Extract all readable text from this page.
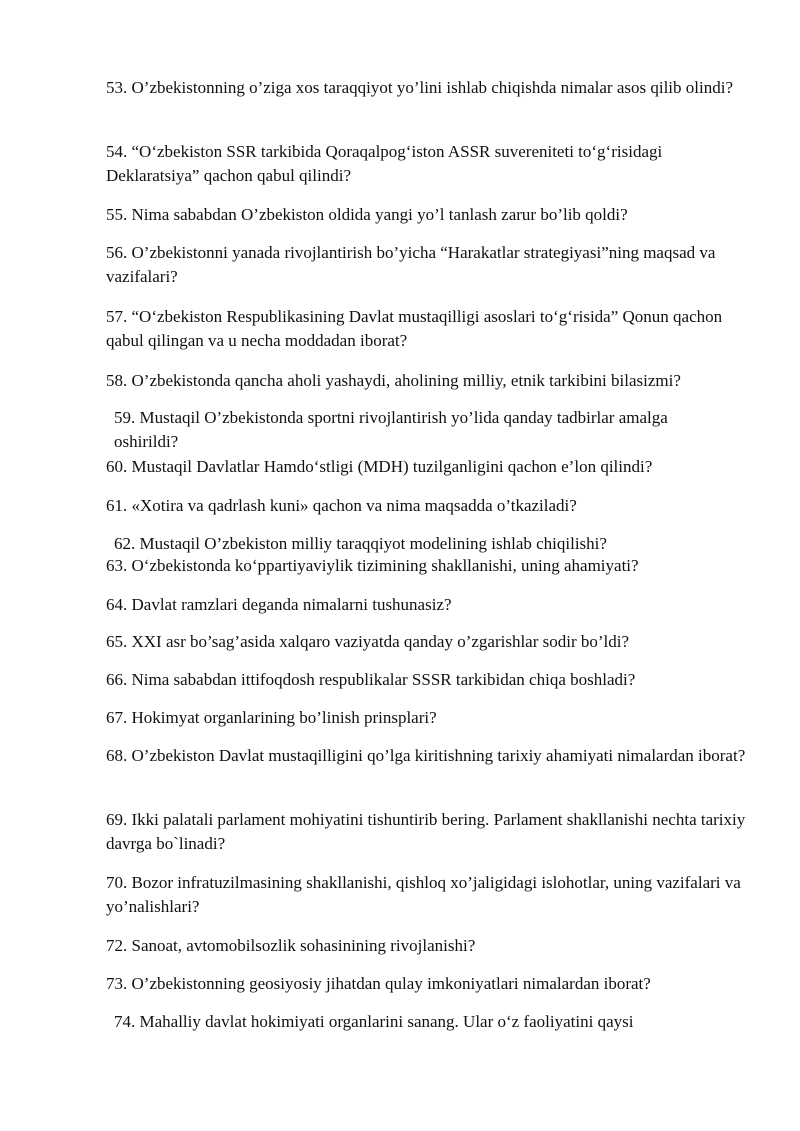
53. O’zbekistonning o’ziga xos taraqqiyot yo’lini ishlab chiqishda nimalar asos qilib olindi?

54. “O‘zbekiston SSR tarkibida Qoraqalpog‘iston ASSR suvereniteti to‘g‘risidagi Deklaratsiya” qachon qabul qilindi?

55. Nima sababdan O’zbekiston oldida yangi yo’l tanlash zarur bo’lib qoldi?

56. O’zbekistonni yanada rivojlantirish bo’yicha “Harakatlar strategiyasi”ning maqsad va vazifalari?

57. “O‘zbekiston Respublikasining Davlat mustaqilligi asoslari to‘g‘risida” Qonun qachon qabul qilingan va u necha moddadan iborat?

58. O’zbekistonda qancha aholi yashaydi, aholining milliy, etnik tarkibini bilasizmi?

59. Mustaqil O’zbekistonda sportni rivojlantirish yo’lida qanday tadbirlar amalga oshirildi?

60. Mustaqil Davlatlar Hamdo‘stligi (MDH) tuzilganligini qachon e’lon qilindi?

61. «Xotira va qadrlash kuni» qachon va nima maqsadda o’tkaziladi?

62. Mustaqil O’zbekiston milliy taraqqiyot modelining ishlab chiqilishi?

63. O‘zbekistonda ko‘ppartiyaviylik tizimining shakllanishi, uning ahamiyati?

64. Davlat ramzlari deganda nimalarni tushunasiz?

65. XXI asr bo’sag’asida xalqaro vaziyatda qanday o’zgarishlar sodir bo’ldi?

66. Nima sababdan ittifoqdosh respublikalar SSSR tarkibidan chiqa boshladi?

67. Hokimyat organlarining bo’linish prinsplari?

68. O’zbekiston Davlat mustaqilligini qo’lga kiritishning tarixiy ahamiyati nimalardan iborat?

69. Ikki palatali parlament mohiyatini tishuntirib bering. Parlament shakllanishi nechta tarixiy davrga bo`linadi?

70. Bozor infratuzilmasining shakllanishi, qishloq xo’jaligidagi islohotlar, uning vazifalari va yo’nalishlari?

72. Sanoat, avtomobilsozlik sohasinining rivojlanishi?

73. O’zbekistonning geosiyosiy jihatdan qulay imkoniyatlari nimalardan iborat?

74. Mahalliy davlat hokimiyati organlarini sanang. Ular o‘z faoliyatini qaysi
